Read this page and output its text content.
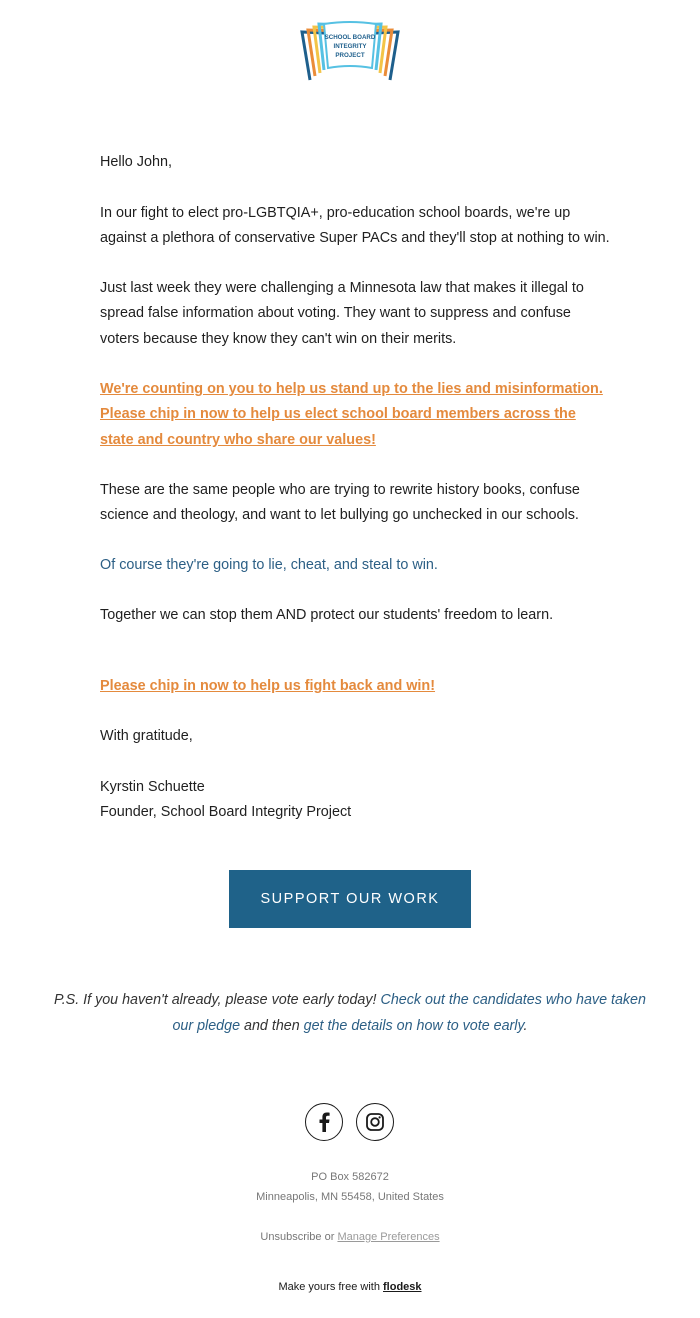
SCHOOL BOARD
INTEGRITY
PROJECT

Hello John,

In our fight to elect pro-LGBTQIA+, pro-education school boards, we're up against a plethora of conservative Super PACs and they'll stop at nothing to win.

Just last week they were challenging a Minnesota law that makes it illegal to spread false information about voting. They want to suppress and confuse voters because they know they can't win on their merits.

We're counting on you to help us stand up to the lies and misinformation. Please chip in now to help us elect school board members across the state and country who share our values!

These are the same people who are trying to rewrite history books, confuse science and theology, and want to let bullying go unchecked in our schools.

Of course they're going to lie, cheat, and steal to win.

Together we can stop them AND protect our students' freedom to learn.

Please chip in now to help us fight back and win!

With gratitude,

Kyrstin Schuette

Founder, School Board Integrity Project

SUPPORT OUR WORK
P.S. If you haven't already, please vote early today! Check out the candidates who have taken our pledge and then get the details on how to vote early.
PO Box 582672
Minneapolis, MN 55458, United States
Unsubscribe or Manage Preferences
Make yours free with flodesk
